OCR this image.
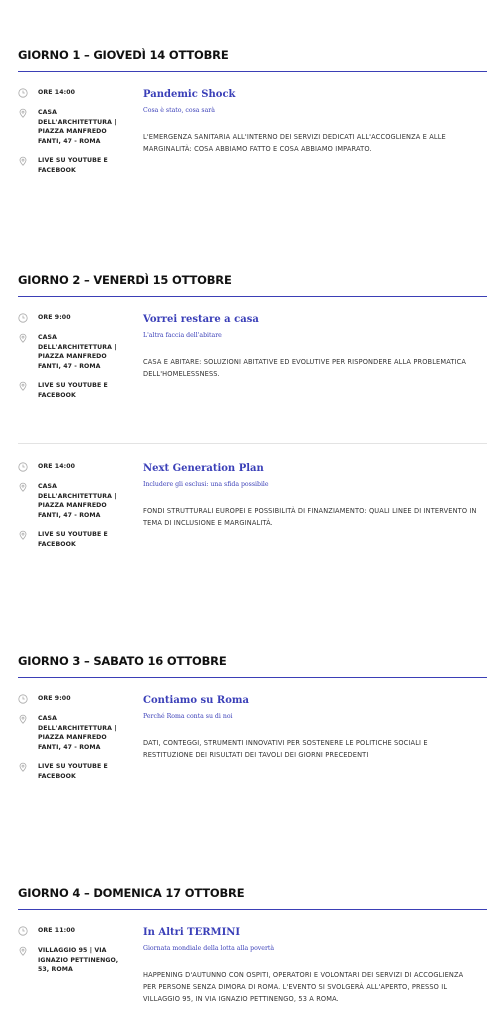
GIORNO 1 – GIOVEDÌ 14 OTTOBRE
ORE 14:00
CASA DELL'ARCHITETTURA | PIAZZA MANFREDO FANTI, 47 - ROMA
LIVE SU YOUTUBE E FACEBOOK
Pandemic Shock
Cosa è stato, cosa sarà

L'EMERGENZA SANITARIA ALL'INTERNO DEI SERVIZI DEDICATI ALL'ACCOGLIENZA E ALLE MARGINALITÀ: COSA ABBIAMO FATTO E COSA ABBIAMO IMPARATO.

GIORNO 2 – VENERDÌ 15 OTTOBRE
ORE 9:00
CASA DELL'ARCHITETTURA | PIAZZA MANFREDO FANTI, 47 - ROMA
LIVE SU YOUTUBE E FACEBOOK
Vorrei restare a casa
L'altra faccia dell'abitare

CASA E ABITARE: SOLUZIONI ABITATIVE ED EVOLUTIVE PER RISPONDERE ALLA PROBLEMATICA DELL'HOMELESSNESS.

ORE 14:00
CASA DELL'ARCHITETTURA | PIAZZA MANFREDO FANTI, 47 - ROMA
LIVE SU YOUTUBE E FACEBOOK
Next Generation Plan
Includere gli esclusi: una sfida possibile

FONDI STRUTTURALI EUROPEI E POSSIBILITÀ DI FINANZIAMENTO: QUALI LINEE DI INTERVENTO IN TEMA DI INCLUSIONE E MARGINALITÀ.

GIORNO 3 – SABATO 16 OTTOBRE
ORE 9:00
CASA DELL'ARCHITETTURA | PIAZZA MANFREDO FANTI, 47 - ROMA
LIVE SU YOUTUBE E FACEBOOK
Contiamo su Roma
Perché Roma conta su di noi

DATI, CONTEGGI, STRUMENTI INNOVATIVI PER SOSTENERE LE POLITICHE SOCIALI E RESTITUZIONE DEI RISULTATI DEI TAVOLI DEI GIORNI PRECEDENTI

GIORNO 4 – DOMENICA 17 OTTOBRE
ORE 11:00
VILLAGGIO 95 | VIA IGNAZIO PETTINENGO, 53, ROMA
In Altri TERMINI
Giornata mondiale della lotta alla povertà

HAPPENING D'AUTUNNO CON OSPITI, OPERATORI E VOLONTARI DEI SERVIZI DI ACCOGLIENZA PER PERSONE SENZA DIMORA DI ROMA. L'EVENTO SI SVOLGERÀ ALL'APERTO, PRESSO IL VILLAGGIO 95, IN VIA IGNAZIO PETTINENGO, 53 A ROMA.
